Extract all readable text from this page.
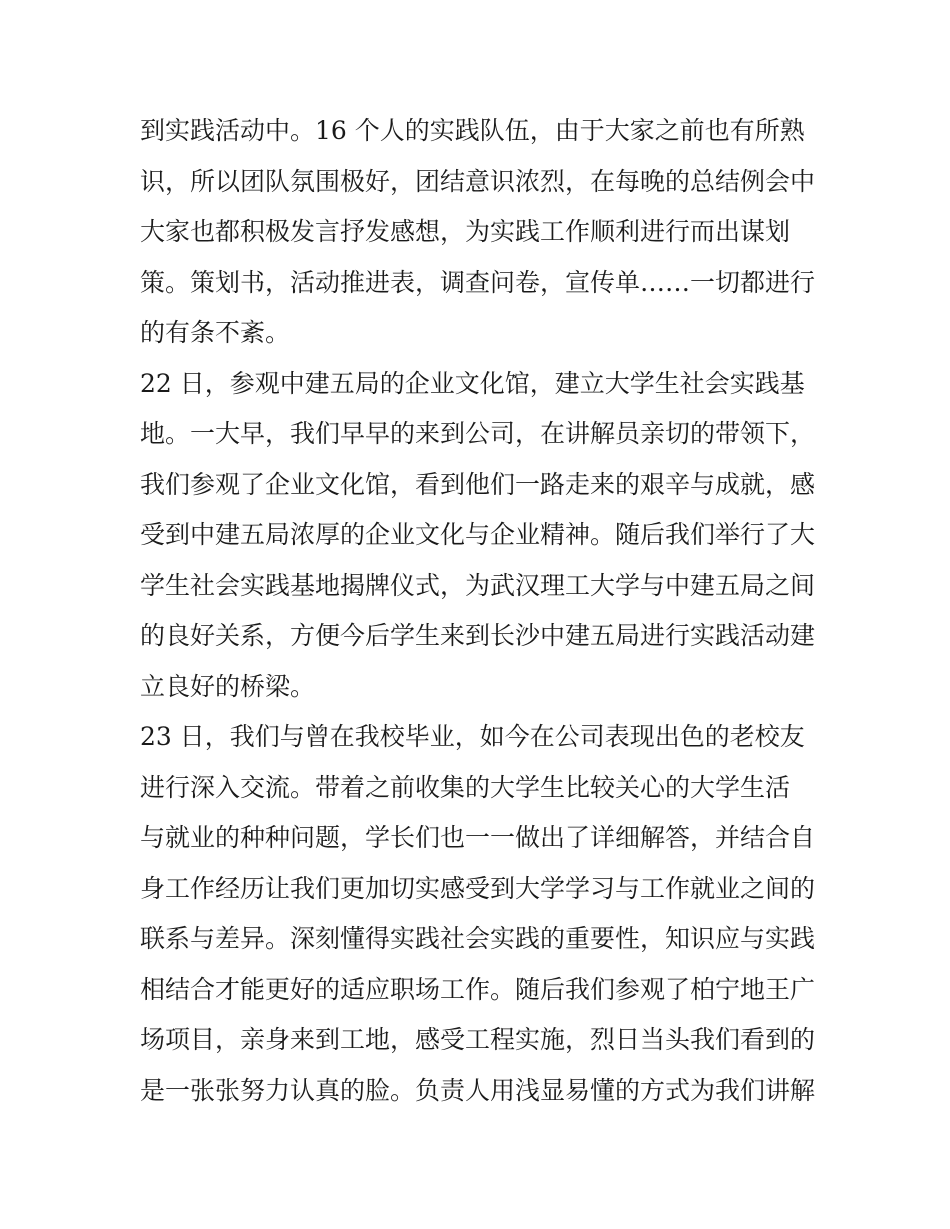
到实践活动中。16 个人的实践队伍，由于大家之前也有所熟
识，所以团队氛围极好，团结意识浓烈，在每晚的总结例会中
大家也都积极发言抒发感想，为实践工作顺利进行而出谋划
策。策划书，活动推进表，调查问卷，宣传单……一切都进行
的有条不紊。
22 日，参观中建五局的企业文化馆，建立大学生社会实践基
地。一大早，我们早早的来到公司，在讲解员亲切的带领下，
我们参观了企业文化馆，看到他们一路走来的艰辛与成就，感
受到中建五局浓厚的企业文化与企业精神。随后我们举行了大
学生社会实践基地揭牌仪式，为武汉理工大学与中建五局之间
的良好关系，方便今后学生来到长沙中建五局进行实践活动建
立良好的桥梁。
23 日，我们与曾在我校毕业，如今在公司表现出色的老校友
进行深入交流。带着之前收集的大学生比较关心的大学生活
与就业的种种问题，学长们也一一做出了详细解答，并结合自
身工作经历让我们更加切实感受到大学学习与工作就业之间的
联系与差异。深刻懂得实践社会实践的重要性，知识应与实践
相结合才能更好的适应职场工作。随后我们参观了柏宁地王广
场项目，亲身来到工地，感受工程实施，烈日当头我们看到的
是一张张努力认真的脸。负责人用浅显易懂的方式为我们讲解
